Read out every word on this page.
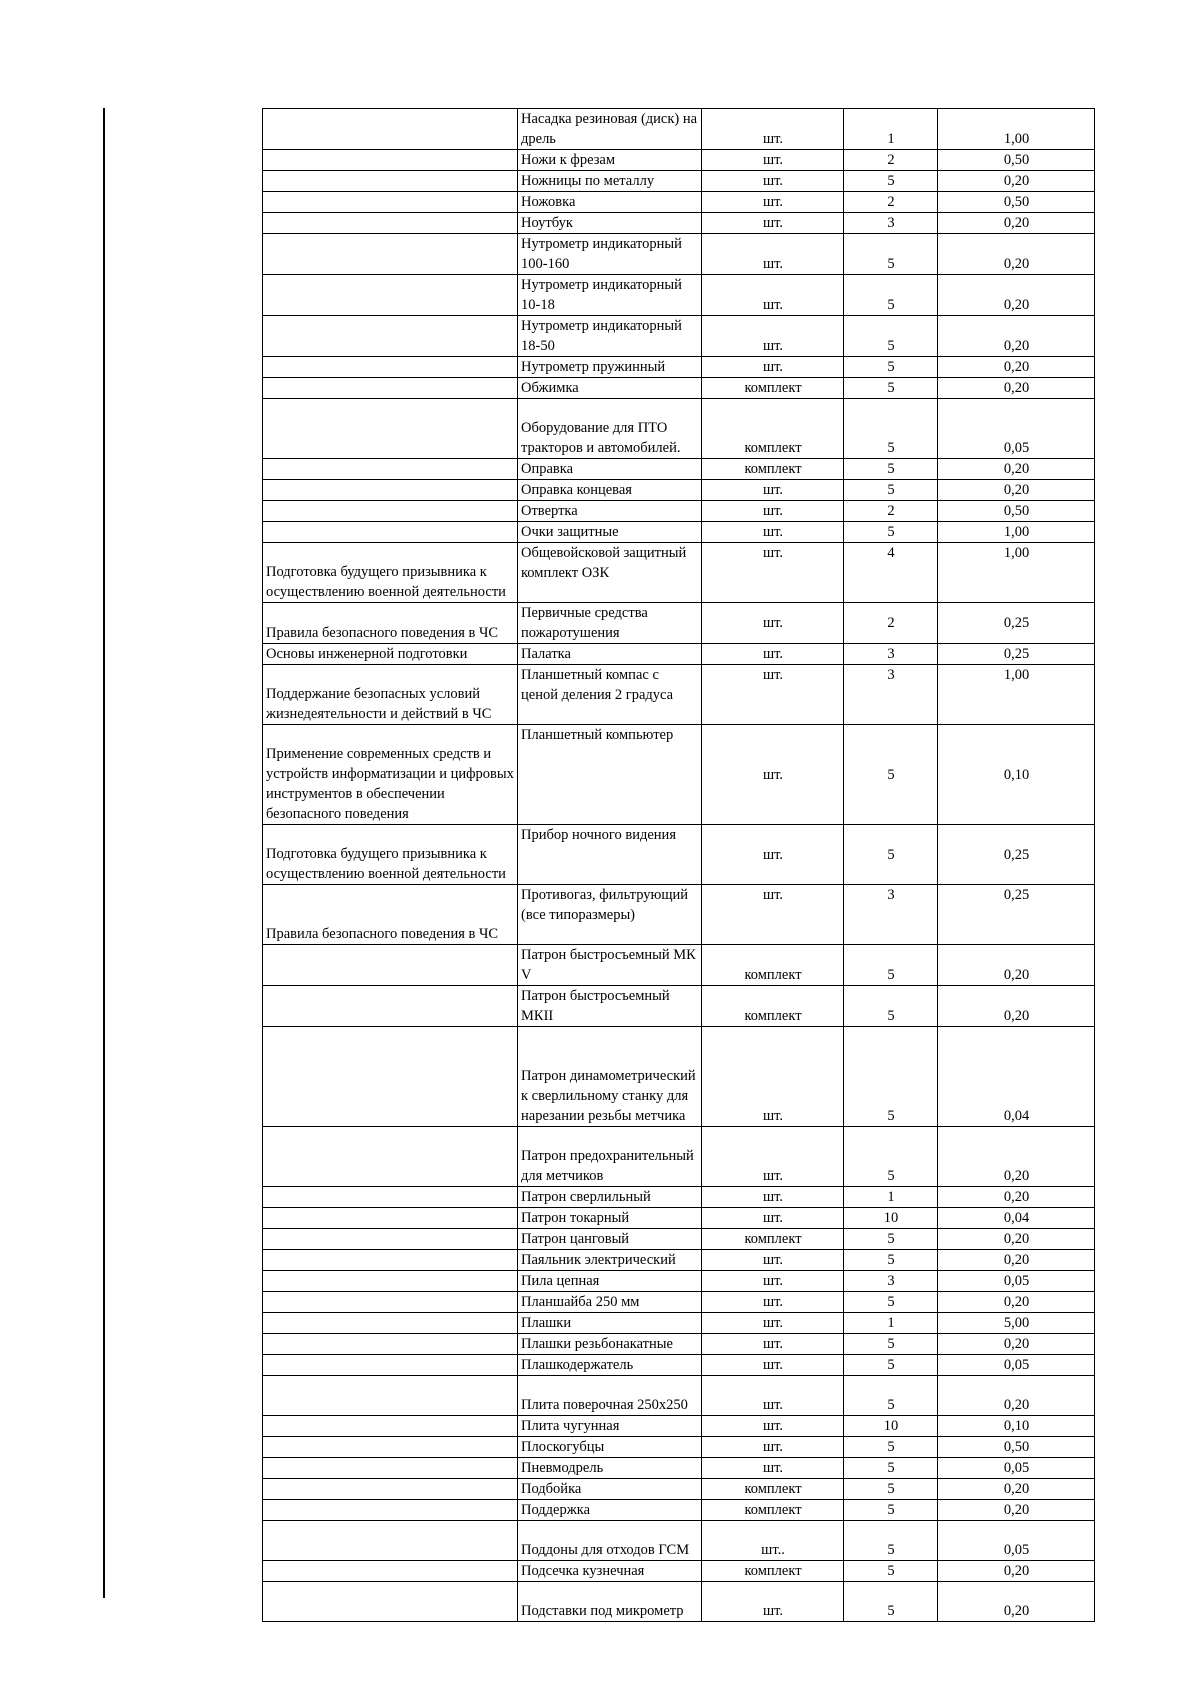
	Насадка резиновая (диск) на дрель	шт.	1	1,00
	Ножи к фрезам	шт.	2	0,50
	Ножницы по металлу	шт.	5	0,20
	Ножовка	шт.	2	0,50
	Ноутбук	шт.	3	0,20
	Нутрометр индикаторный 100-160	шт.	5	0,20
	Нутрометр индикаторный 10-18	шт.	5	0,20
	Нутрометр индикаторный 18-50	шт.	5	0,20
	Нутрометр пружинный	шт.	5	0,20
	Обжимка	комплект	5	0,20
	Оборудование для ПТО тракторов и автомобилей.	комплект	5	0,05
	Оправка	комплект	5	0,20
	Оправка концевая	шт.	5	0,20
	Отвертка	шт.	2	0,50
	Очки защитные	шт.	5	1,00
Подготовка будущего призывника к осуществлению военной деятельности	Общевойсковой защитный комплект ОЗК	шт.	4	1,00
Правила безопасного поведения в ЧС	Первичные средства пожаротушения	шт.	2	0,25
Основы инженерной подготовки	Палатка	шт.	3	0,25
Поддержание безопасных условий жизнедеятельности и действий в ЧС	Планшетный компас с ценой деления 2 градуса	шт.	3	1,00
Применение современных средств и устройств информатизации и цифровых инструментов в обеспечении безопасного поведения	Планшетный компьютер	шт.	5	0,10
Подготовка будущего призывника к осуществлению военной деятельности	Прибор ночного видения	шт.	5	0,25
Правила безопасного поведения в ЧС	Противогаз, фильтрующий (все типоразмеры)	шт.	3	0,25
	Патрон быстросъемный МК V	комплект	5	0,20
	Патрон быстросъемный МКII	комплект	5	0,20
	Патрон динамометрический к сверлильному станку для нарезании резьбы метчика	шт.	5	0,04
	Патрон предохранительный для метчиков	шт.	5	0,20
	Патрон сверлильный	шт.	1	0,20
	Патрон токарный	шт.	10	0,04
	Патрон цанговый	комплект	5	0,20
	Паяльник электрический	шт.	5	0,20
	Пила цепная	шт.	3	0,05
	Планшайба 250 мм	шт.	5	0,20
	Плашки	шт.	1	5,00
	Плашки резьбонакатные	шт.	5	0,20
	Плашкодержатель	шт.	5	0,05
	Плита поверочная 250х250	шт.	5	0,20
	Плита чугунная	шт.	10	0,10
	Плоскогубцы	шт.	5	0,50
	Пневмодрель	шт.	5	0,05
	Подбойка	комплект	5	0,20
	Поддержка	комплект	5	0,20
	Поддоны для отходов ГСМ	шт..	5	0,05
	Подсечка кузнечная	комплект	5	0,20
	Подставки под микрометр	шт.	5	0,20
